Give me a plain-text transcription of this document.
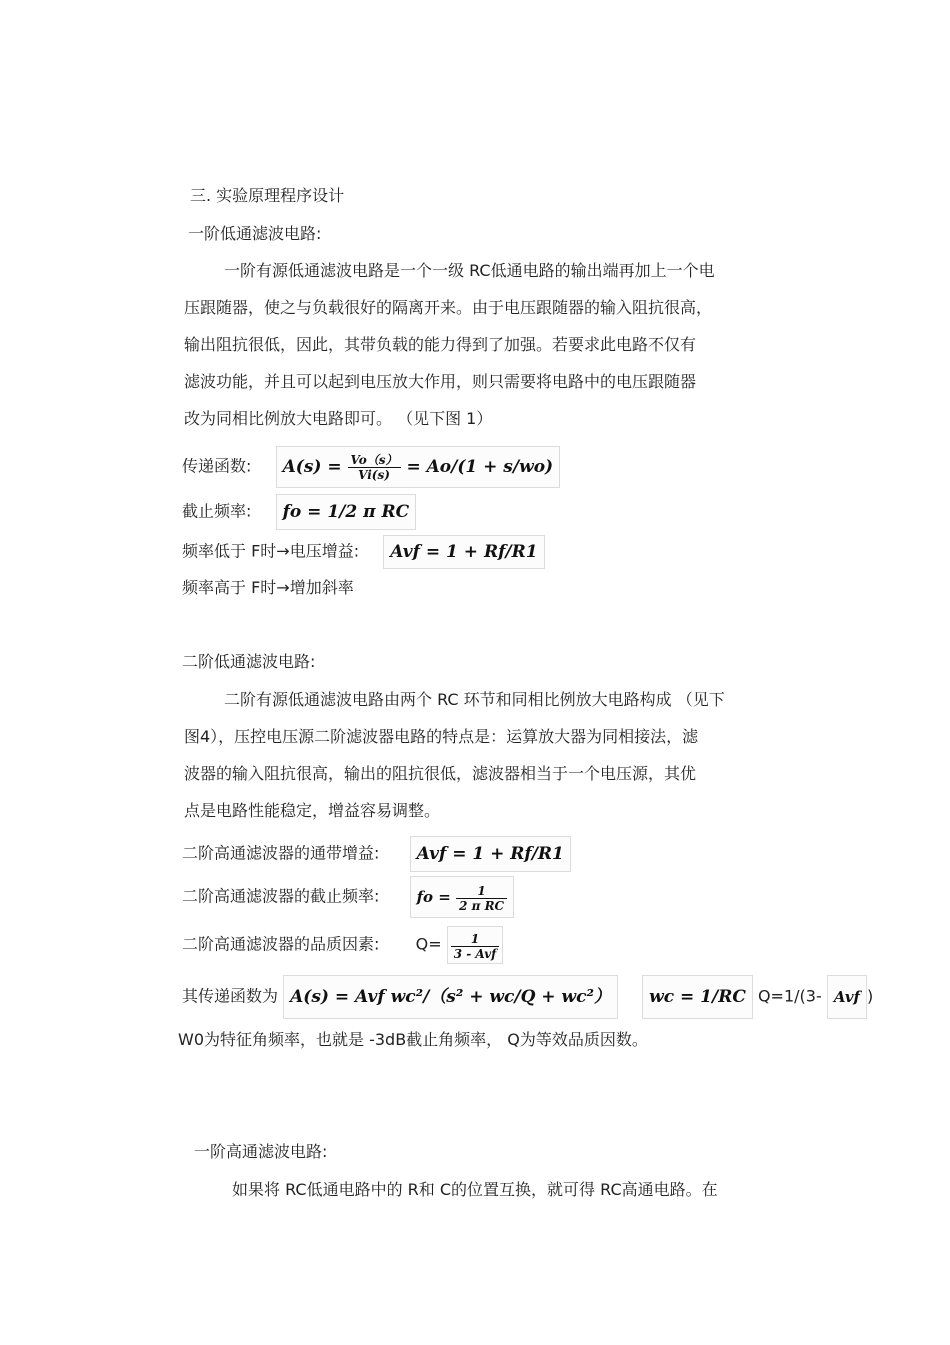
三. 实验原理程序设计
一阶低通滤波电路:
一阶有源低通滤波电路是一个一级 RC低通电路的输出端再加上一个电
压跟随器，使之与负载很好的隔离开来。由于电压跟随器的输入阻抗很高，
输出阻抗很低，因此，其带负载的能力得到了加强。若要求此电路不仅有
滤波功能，并且可以起到电压放大作用，则只需要将电路中的电压跟随器
改为同相比例放大电路即可。 （见下图 1）
传递函数: $A(s) = \frac{Vo(s)}{Vi(s)} = Ao/(1 + s/wo)$
截止频率: fo = 1/2 π RC
频率低于 F时→电压增益: Avf = 1 + Rf/R1
频率高于 F时→增加斜率
二阶低通滤波电路:
二阶有源低通滤波电路由两个 RC 环节和同相比例放大电路构成 （见下
图4），压控电压源二阶滤波器电路的特点是：运算放大器为同相接法，滤
波器的输入阻抗很高，输出的阻抗很低，滤波器相当于一个电压源，其优
点是电路性能稳定，增益容易调整。
二阶高通滤波器的通带增益: Avf = 1 + Rf/R1
二阶高通滤波器的截止频率: fo = $\frac{1}{\text{2 π RC}}$
二阶高通滤波器的品质因素: $Q= \frac{1}{\text{3 - Avf}}$
其传递函数为 A(s) = Avf wc²/（s² + wc/Q + wc²） wc = 1/RC Q=1/(3- Avf )
W0为特征角频率，也就是 -3dB截止角频率， Q为等效品质因数。
一阶高通滤波电路:
如果将 RC低通电路中的 R和 C的位置互换，就可得 RC高通电路。在
